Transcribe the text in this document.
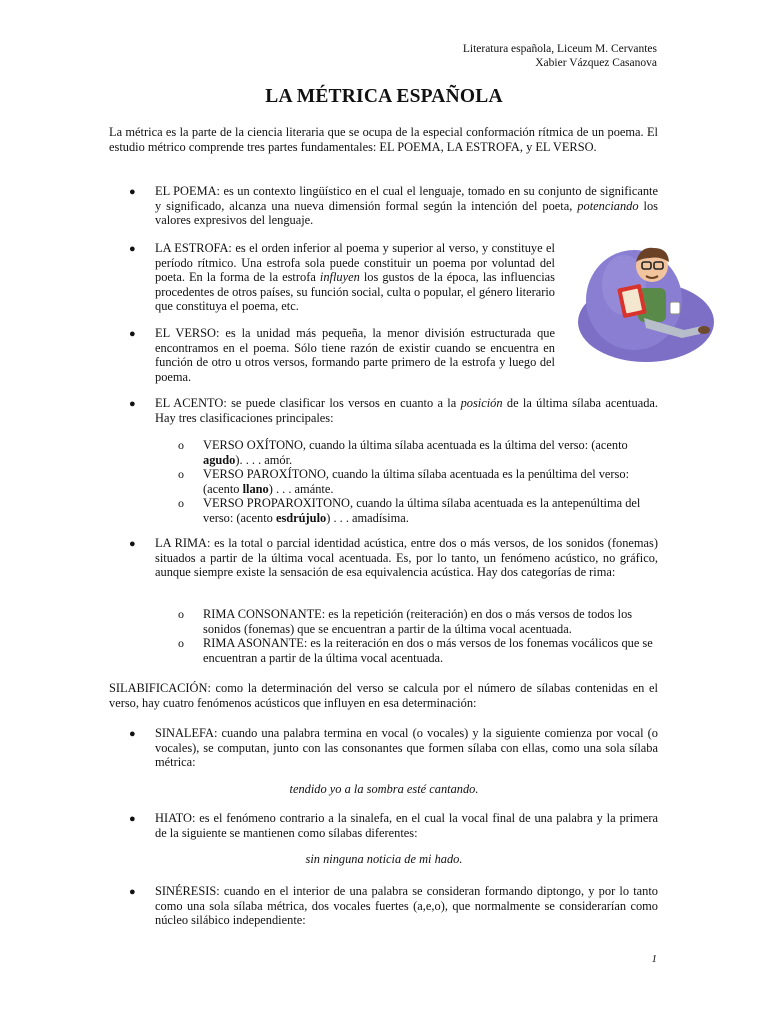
Literatura española, Liceum M. Cervantes
Xabier Vázquez Casanova
LA MÉTRICA ESPAÑOLA
La métrica es la parte de la ciencia literaria que se ocupa de la especial conformación rítmica de un poema. El estudio métrico comprende tres partes fundamentales: EL POEMA, LA ESTROFA, y EL VERSO.
● EL POEMA: es un contexto lingüístico en el cual el lenguaje, tomado en su conjunto de significante y significado, alcanza una nueva dimensión formal según la intención del poeta, potenciando los valores expresivos del lenguaje.
● LA ESTROFA: es el orden inferior al poema y superior al verso, y constituye el período rítmico. Una estrofa sola puede constituir un poema por voluntad del poeta. En la forma de la estrofa influyen los gustos de la época, las influencias procedentes de otros países, su función social, culta o popular, el género literario que constituya el poema, etc.
● EL VERSO: es la unidad más pequeña, la menor división estructurada que encontramos en el poema. Sólo tiene razón de existir cuando se encuentra en función de otro u otros versos, formando parte primero de la estrofa y luego del poema.
● EL ACENTO: se puede clasificar los versos en cuanto a la posición de la última sílaba acentuada. Hay tres clasificaciones principales:
o VERSO OXÍTONO, cuando la última sílaba acentuada es la última del verso: (acento agudo). . . . amór.
o VERSO PAROXÍTONO, cuando la última sílaba acentuada es la penúltima del verso: (acento llano) . . . amánte.
o VERSO PROPAROXITONO, cuando la última sílaba acentuada es la antepenúltima del verso: (acento esdrújulo) . . . amadísima.
● LA RIMA: es la total o parcial identidad acústica, entre dos o más versos, de los sonidos (fonemas) situados a partir de la última vocal acentuada. Es, por lo tanto, un fenómeno acústico, no gráfico, aunque siempre existe la sensación de esa equivalencia acústica. Hay dos categorías de rima:
o RIMA CONSONANTE: es la repetición (reiteración) en dos o más versos de todos los sonidos (fonemas) que se encuentran a partir de la última vocal acentuada.
o RIMA ASONANTE: es la reiteración en dos o más versos de los fonemas vocálicos que se encuentran a partir de la última vocal acentuada.
SILABIFICACIÓN: como la determinación del verso se calcula por el número de sílabas contenidas en el verso, hay cuatro fenómenos acústicos que influyen en esa determinación:
● SINALEFA: cuando una palabra termina en vocal (o vocales) y la siguiente comienza por vocal (o vocales), se computan, junto con las consonantes que formen sílaba con ellas, como una sola sílaba métrica:
tendido yo a la sombra esté cantando.
● HIATO: es el fenómeno contrario a la sinalefa, en el cual la vocal final de una palabra y la primera de la siguiente se mantienen como sílabas diferentes:
sin ninguna noticia de mi hado.
● SINÉRESIS: cuando en el interior de una palabra se consideran formando diptongo, y por lo tanto como una sola sílaba métrica, dos vocales fuertes (a,e,o), que normalmente se considerarían como núcleo silábico independiente:
1
